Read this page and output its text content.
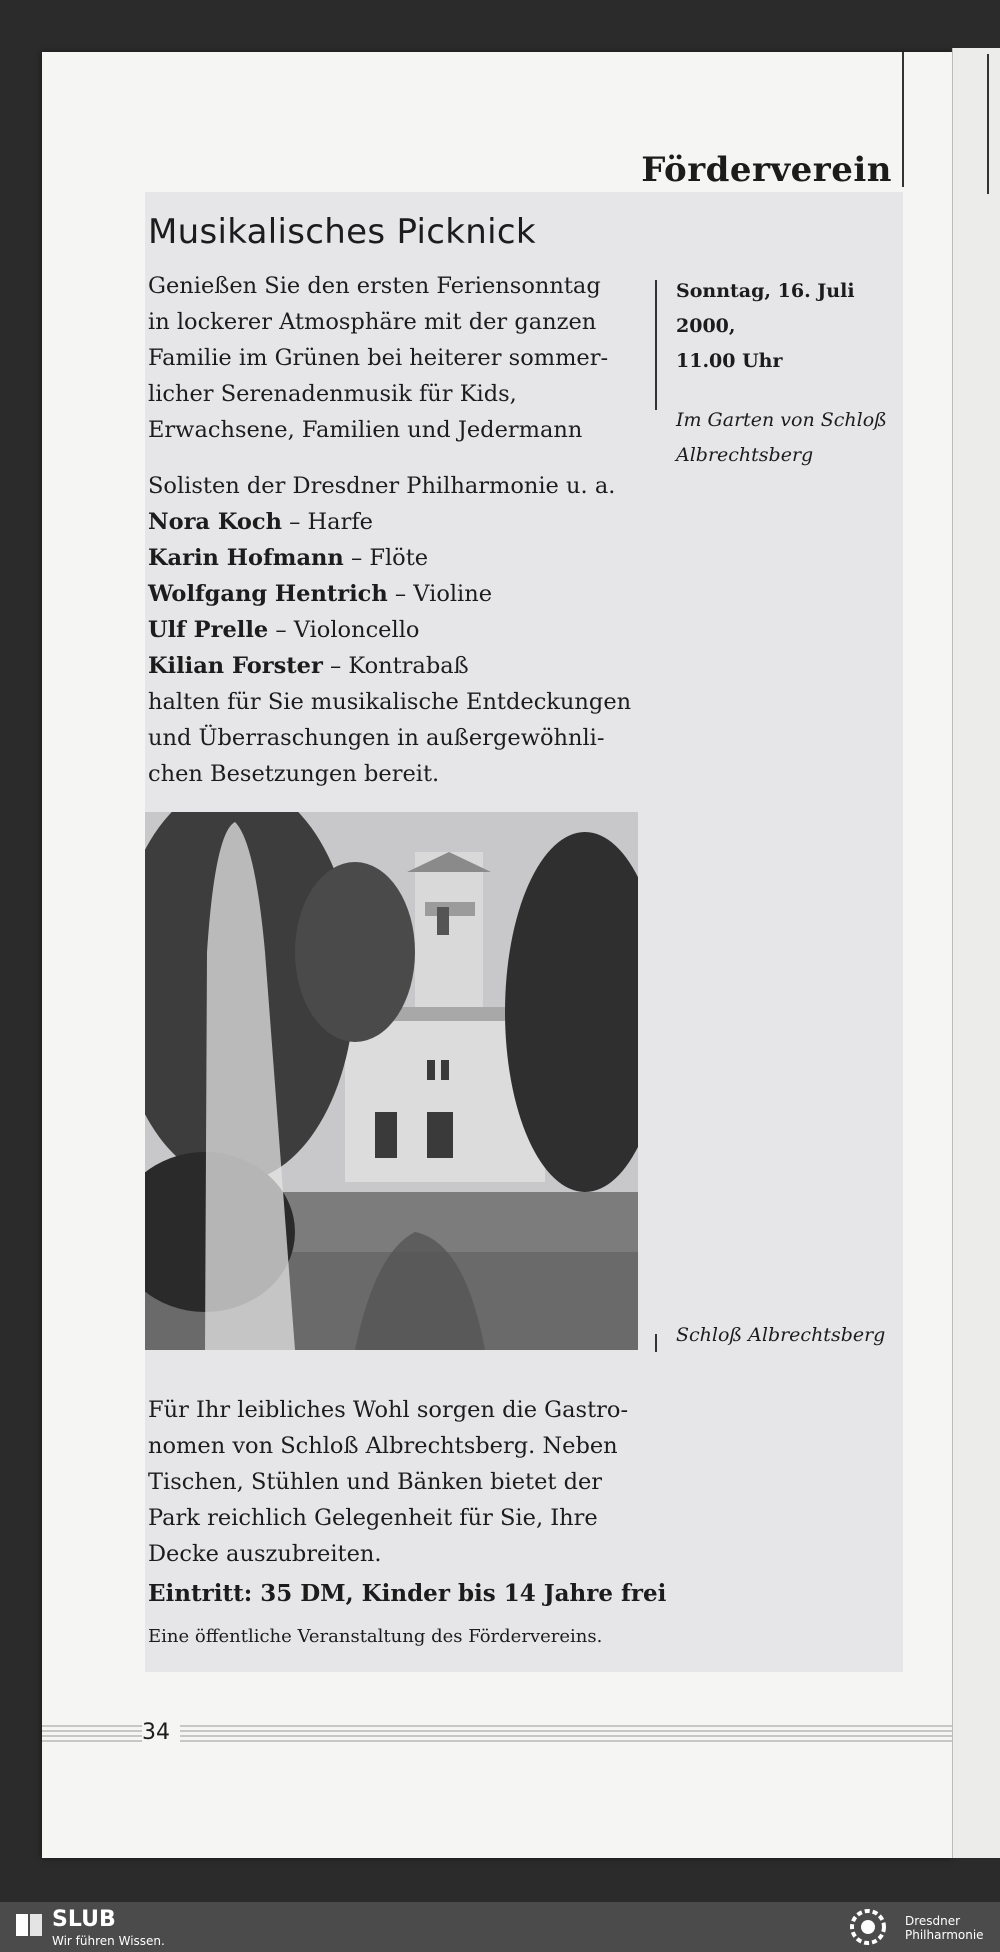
Förderverein
Musikalisches Picknick
Genießen Sie den ersten Feriensonntag
in lockerer Atmosphäre mit der ganzen
Familie im Grünen bei heiterer sommer-
licher Serenadenmusik für Kids,
Erwachsene, Familien und Jedermann
Solisten der Dresdner Philharmonie u. a.
Nora Koch – Harfe
Karin Hofmann – Flöte
Wolfgang Hentrich – Violine
Ulf Prelle – Violoncello
Kilian Forster – Kontrabaß
halten für Sie musikalische Entdeckungen
und Überraschungen in außergewöhnli-
chen Besetzungen bereit.
Sonntag, 16. Juli 2000,
11.00 Uhr
Im Garten von Schloß
Albrechtsberg
Schloß Albrechtsberg
Für Ihr leibliches Wohl sorgen die Gastro-
nomen von Schloß Albrechtsberg. Neben
Tischen, Stühlen und Bänken bietet der
Park reichlich Gelegenheit für Sie, Ihre
Decke auszubreiten.
Eintritt: 35 DM, Kinder bis 14 Jahre frei
Eine öffentliche Veranstaltung des Fördervereins.
34
SLUB
Wir führen Wissen.
Dresdner
Philharmonie
